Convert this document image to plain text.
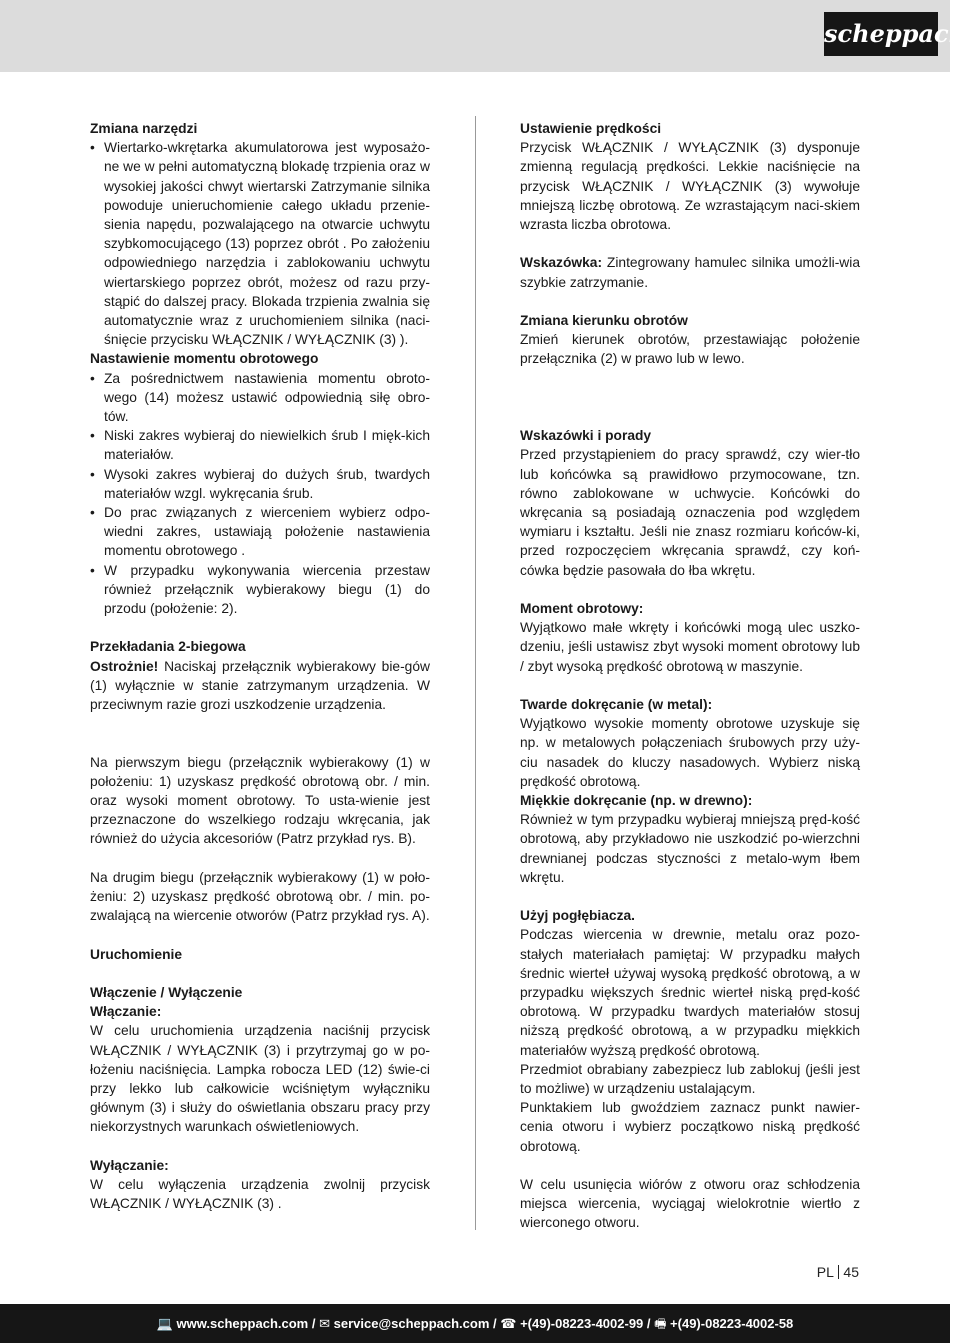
scheppach

Zmiana narzędzi

• Wiertarko-wkrętarka akumulatorowa jest wyposażo-ne we w pełni automatyczną blokadę trzpienia oraz w wysokiej jakości chwyt wiertarski Zatrzymanie silnika powoduje unieruchomienie całego układu przenie-sienia napędu, pozwalającego na otwarcie uchwytu szybkomocującego (13) poprzez obrót . Po założeniu odpowiedniego narzędzia i zablokowaniu uchwytu wiertarskiego poprzez obrót, możesz od razu przy-stąpić do dalszej pracy. Blokada trzpienia zwalnia się automatycznie wraz z uruchomieniem silnika (naci-śnięcie przycisku WŁĄCZNIK / WYŁĄCZNIK (3) ).

Nastawienie momentu obrotowego

• Za pośrednictwem nastawienia momentu obroto-wego (14) możesz ustawić odpowiednią siłę obro-tów.
• Niski zakres wybieraj do niewielkich śrub I mięk-kich materiałów.
• Wysoki zakres wybieraj do dużych śrub, twardych materiałów wzgl. wykręcania śrub.
• Do prac związanych z wierceniem wybierz odpo-wiedni zakres, ustawiają położenie nastawienia momentu obrotowego .
• W przypadku wykonywania wiercenia przestaw również przełącznik wybierakowy biegu (1) do przodu (położenie: 2).

Przekładania 2-biegowa

Ostrożnie! Naciskaj przełącznik wybierakowy bie-gów (1) wyłącznie w stanie zatrzymanym urządzenia. W przeciwnym razie grozi uszkodzenie urządzenia.

Na pierwszym biegu (przełącznik wybierakowy (1) w położeniu: 1) uzyskasz prędkość obrotową obr. / min. oraz wysoki moment obrotowy. To usta-wienie jest przeznaczone do wszelkiego rodzaju wkręcania, jak również do użycia akcesoriów (Patrz przykład rys. B).

Na drugim biegu (przełącznik wybierakowy (1) w poło-żeniu: 2) uzyskasz prędkość obrotową obr. / min. po-zwalającą na wiercenie otworów (Patrz przykład rys. A).

Uruchomienie

Włączenie / Wyłączenie

Włączanie:

W celu uruchomienia urządzenia naciśnij przycisk WŁĄCZNIK / WYŁĄCZNIK (3) i przytrzymaj go w po-łożeniu naciśnięcia. Lampka robocza LED (12) świe-ci przy lekko lub całkowicie wciśniętym wyłączniku głównym (3) i służy do oświetlania obszaru pracy przy niekorzystnych warunkach oświetleniowych.

Wyłączanie:

W celu wyłączenia urządzenia zwolnij przycisk WŁĄCZNIK / WYŁĄCZNIK (3) .

Ustawienie prędkości

Przycisk WŁĄCZNIK / WYŁĄCZNIK (3) dysponuje zmienną regulacją prędkości. Lekkie naciśnięcie na przycisk WŁĄCZNIK / WYŁĄCZNIK (3) wywołuje mniejszą liczbę obrotową. Ze wzrastającym naci-skiem wzrasta liczba obrotowa.

Wskazówka: Zintegrowany hamulec silnika umożli-wia szybkie zatrzymanie.

Zmiana kierunku obrotów

Zmień kierunek obrotów, przestawiając położenie przełącznika (2) w prawo lub w lewo.

Wskazówki i porady

Przed przystąpieniem do pracy sprawdź, czy wier-tło lub końcówka są prawidłowo przymocowane, tzn. równo zablokowane w uchwycie. Końcówki do wkręcania są posiadają oznaczenia pod względem wymiaru i kształtu. Jeśli nie znasz rozmiaru końców-ki, przed rozpoczęciem wkręcania sprawdź, czy koń-cówka będzie pasowała do łba wkrętu.

Moment obrotowy:

Wyjątkowo małe wkręty i końcówki mogą ulec uszko-dzeniu, jeśli ustawisz zbyt wysoki moment obrotowy lub / zbyt wysoką prędkość obrotową w maszynie.

Twarde dokręcanie (w metal):

Wyjątkowo wysokie momenty obrotowe uzyskuje się np. w metalowych połączeniach śrubowych przy uży-ciu nasadek do kluczy nasadowych. Wybierz niską prędkość obrotową.

Miękkie dokręcanie (np. w drewno):

Również w tym przypadku wybieraj mniejszą pręd-kość obrotową, aby przykładowo nie uszkodzić po-wierzchni drewnianej podczas styczności z metalo-wym łbem wkrętu.

Użyj pogłębiacza.

Podczas wiercenia w drewnie, metalu oraz pozo-stałych materiałach pamiętaj: W przypadku małych średnic wierteł używaj wysoką prędkość obrotową, a w przypadku większych średnic wierteł niską pręd-kość obrotową. W przypadku twardych materiałów stosuj niższą prędkość obrotową, a w przypadku miękkich materiałów wyższą prędkość obrotową.

Przedmiot obrabiany zabezpiecz lub zablokuj (jeśli jest to możliwe) w urządzeniu ustalającym.

Punktakiem lub gwoździem zaznacz punkt nawier-cenia otworu i wybierz początkowo niską prędkość obrotową.

W celu usunięcia wiórów z otworu oraz schłodzenia miejsca wiercenia, wyciągaj wielokrotnie wiertło z wierconego otworu.

PL 45
💻 www.scheppach.com / ✉ service@scheppach.com / ☎ +(49)-08223-4002-99 / 🖷 +(49)-08223-4002-58
